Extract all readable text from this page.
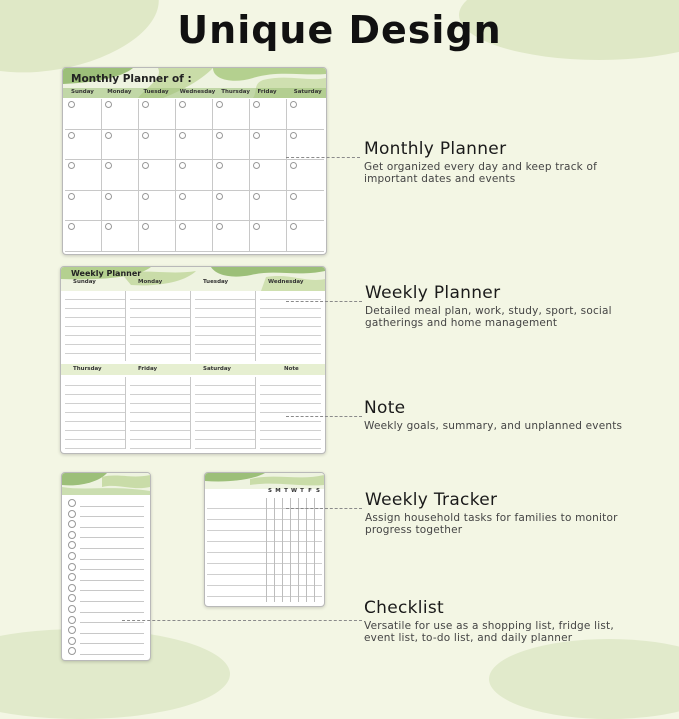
Unique Design
Monthly Planner of :
Sunday	Monday	Tuesday	Wednesday	Thursday	Friday	Saturday
Weekly Planner
Sunday	Monday	Tuesday	Wednesday
Thursday	Friday	Saturday	Note
S M T W T F S
Monthly Planner

Get organized every day and keep track of important dates and events

Weekly Planner

Detailed meal plan, work, study, sport, social gatherings and home management

Note

Weekly goals, summary, and unplanned events

Weekly Tracker

Assign household tasks for families to monitor progress together

Checklist

Versatile for use as a shopping list, fridge list, event list, to-do list, and daily planner
